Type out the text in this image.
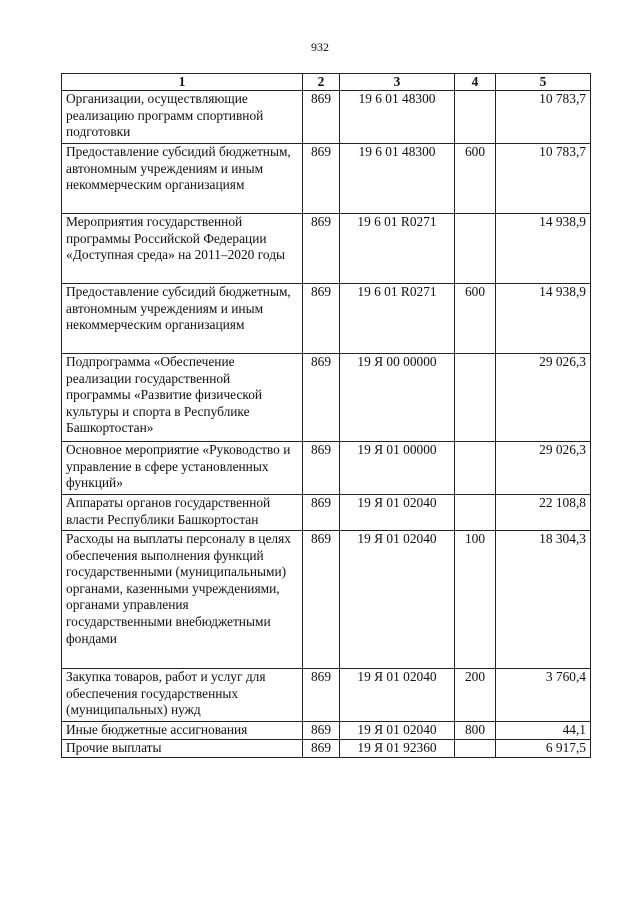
932
1	2	3	4	5
Организации, осуществляющие реализацию программ спортивной подготовки	869	19 6 01 48300		10 783,7
Предоставление субсидий бюджетным, автономным учреждениям и иным некоммерческим организациям	869	19 6 01 48300	600	10 783,7
Мероприятия государственной программы Российской Федерации «Доступная среда» на 2011–2020 годы	869	19 6 01 R0271		14 938,9
Предоставление субсидий бюджетным, автономным учреждениям и иным некоммерческим организациям	869	19 6 01 R0271	600	14 938,9
Подпрограмма «Обеспечение реализации государственной программы «Развитие физической культуры и спорта в Республике Башкортостан»	869	19 Я 00 00000		29 026,3
Основное мероприятие «Руководство и управление в сфере установленных функций»	869	19 Я 01 00000		29 026,3
Аппараты органов государственной власти Республики Башкортостан	869	19 Я 01 02040		22 108,8
Расходы на выплаты персоналу в целях обеспечения выполнения функций государственными (муниципальными) органами, казенными учреждениями, органами управления государственными внебюджетными фондами	869	19 Я 01 02040	100	18 304,3
Закупка товаров, работ и услуг для обеспечения государственных (муниципальных) нужд	869	19 Я 01 02040	200	3 760,4
Иные бюджетные ассигнования	869	19 Я 01 02040	800	44,1
Прочие выплаты	869	19 Я 01 92360		6 917,5
